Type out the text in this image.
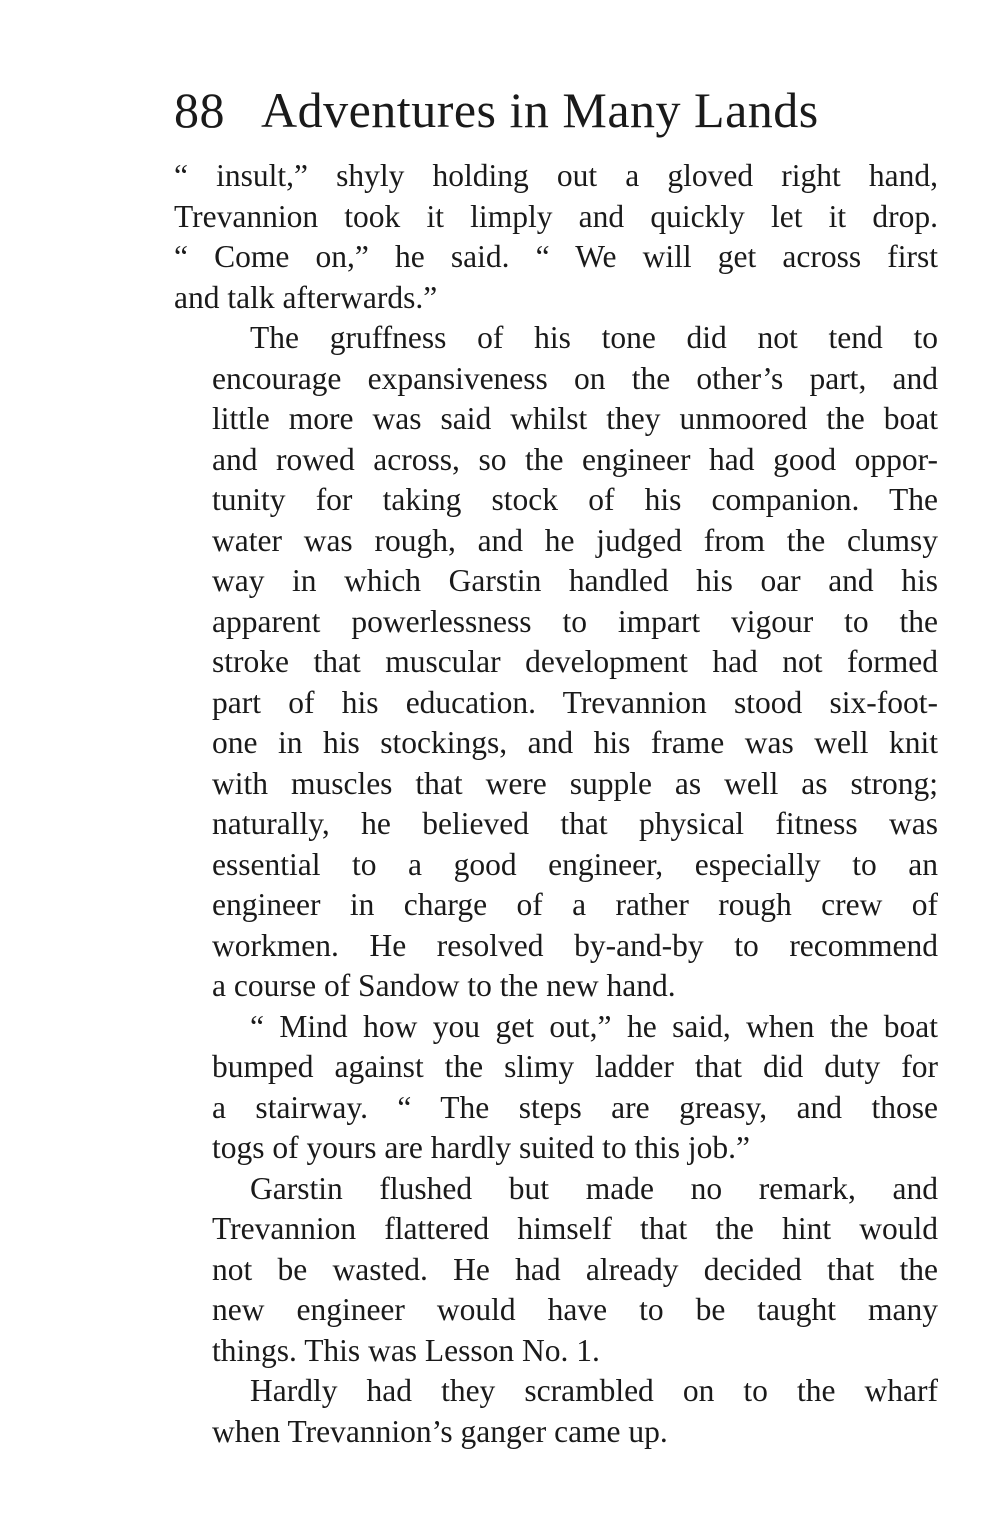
88 Adventures in Many Lands

“ insult,” shyly holding out a gloved right hand,
Trevannion took it limply and quickly let it drop.
“ Come on,” he said. “ We will get across first
and talk afterwards.”

The gruffness of his tone did not tend to
encourage expansiveness on the other’s part, and
little more was said whilst they unmoored the boat
and rowed across, so the engineer had good oppor-
tunity for taking stock of his companion. The
water was rough, and he judged from the clumsy
way in which Garstin handled his oar and his
apparent powerlessness to impart vigour to the
stroke that muscular development had not formed
part of his education. Trevannion stood six-foot-
one in his stockings, and his frame was well knit
with muscles that were supple as well as strong;
naturally, he believed that physical fitness was
essential to a good engineer, especially to an
engineer in charge of a rather rough crew of
workmen. He resolved by-and-by to recommend
a course of Sandow to the new hand.

“ Mind how you get out,” he said, when the boat
bumped against the slimy ladder that did duty for
a stairway. “ The steps are greasy, and those
togs of yours are hardly suited to this job.”

Garstin flushed but made no remark, and
Trevannion flattered himself that the hint would
not be wasted. He had already decided that the
new engineer would have to be taught many
things. This was Lesson No. 1.

Hardly had they scrambled on to the wharf
when Trevannion’s ganger came up.
